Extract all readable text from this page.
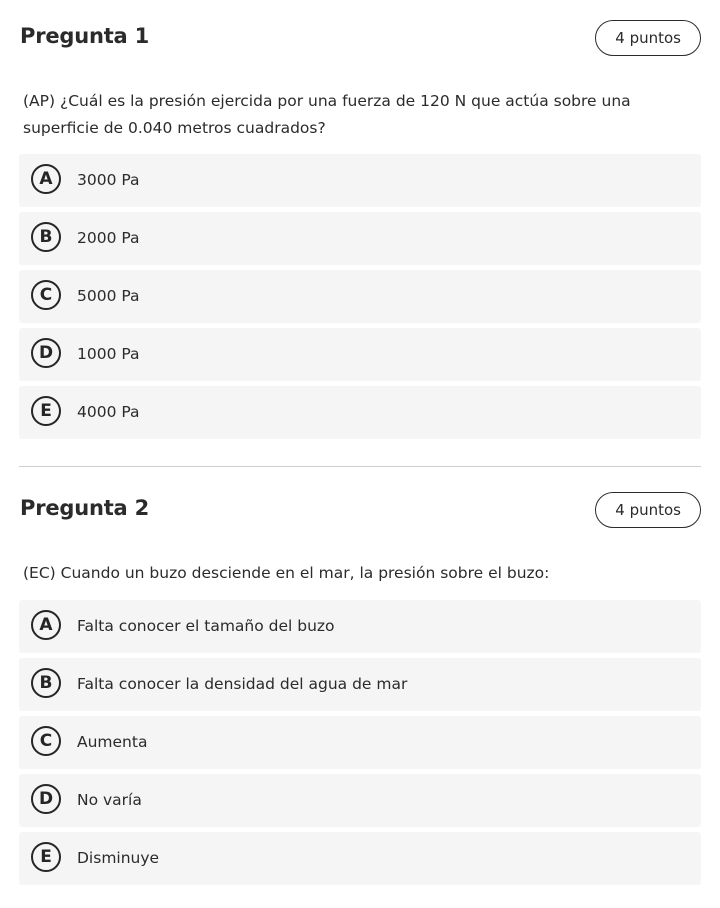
Pregunta 1	4 puntos
(AP) ¿Cuál es la presión ejercida por una fuerza de 120 N que actúa sobre una superficie de 0.040 metros cuadrados?
A	3000 Pa
B	2000 Pa
C	5000 Pa
D	1000 Pa
E	4000 Pa
Pregunta 2	4 puntos
(EC) Cuando un buzo desciende en el mar, la presión sobre el buzo:
A	Falta conocer el tamaño del buzo
B	Falta conocer la densidad del agua de mar
C	Aumenta
D	No varía
E	Disminuye
